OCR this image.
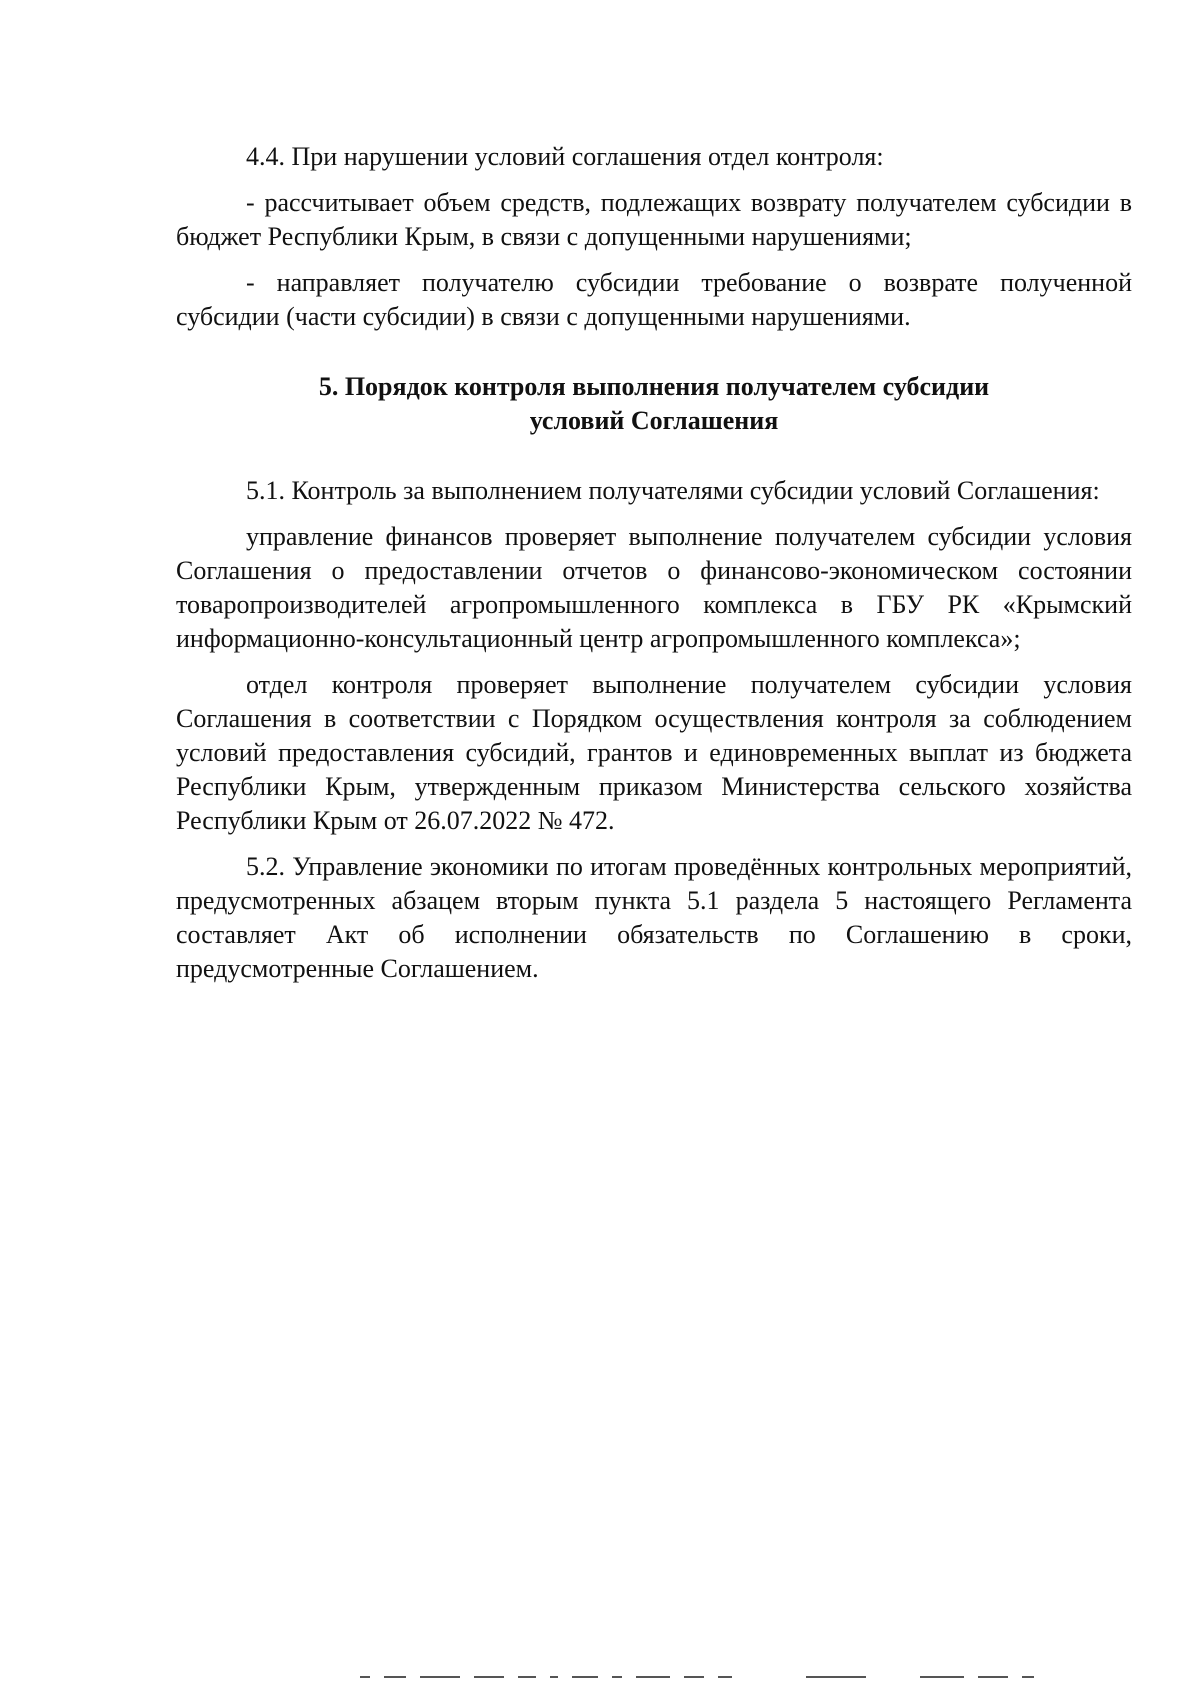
4.4. При нарушении условий соглашения отдел контроля:

- рассчитывает объем средств, подлежащих возврату получателем субсидии в бюджет Республики Крым, в связи с допущенными нарушениями;

- направляет получателю субсидии требование о возврате полученной субсидии (части субсидии) в связи с допущенными нарушениями.

5. Порядок контроля выполнения получателем субсидии
условий Соглашения

5.1. Контроль за выполнением получателями субсидии условий Соглашения:

управление финансов проверяет выполнение получателем субсидии условия Соглашения о предоставлении отчетов о финансово-экономическом состоянии товаропроизводителей агропромышленного комплекса в ГБУ РК «Крымский информационно-консультационный центр агропромышленного комплекса»;

отдел контроля проверяет выполнение получателем субсидии условия Соглашения в соответствии с Порядком осуществления контроля за соблюдением условий предоставления субсидий, грантов и единовременных выплат из бюджета Республики Крым, утвержденным приказом Министерства сельского хозяйства Республики Крым от 26.07.2022 № 472.

5.2. Управление экономики по итогам проведённых контрольных мероприятий, предусмотренных абзацем вторым пункта 5.1 раздела 5 настоящего Регламента составляет Акт об исполнении обязательств по Соглашению в сроки, предусмотренные Соглашением.
